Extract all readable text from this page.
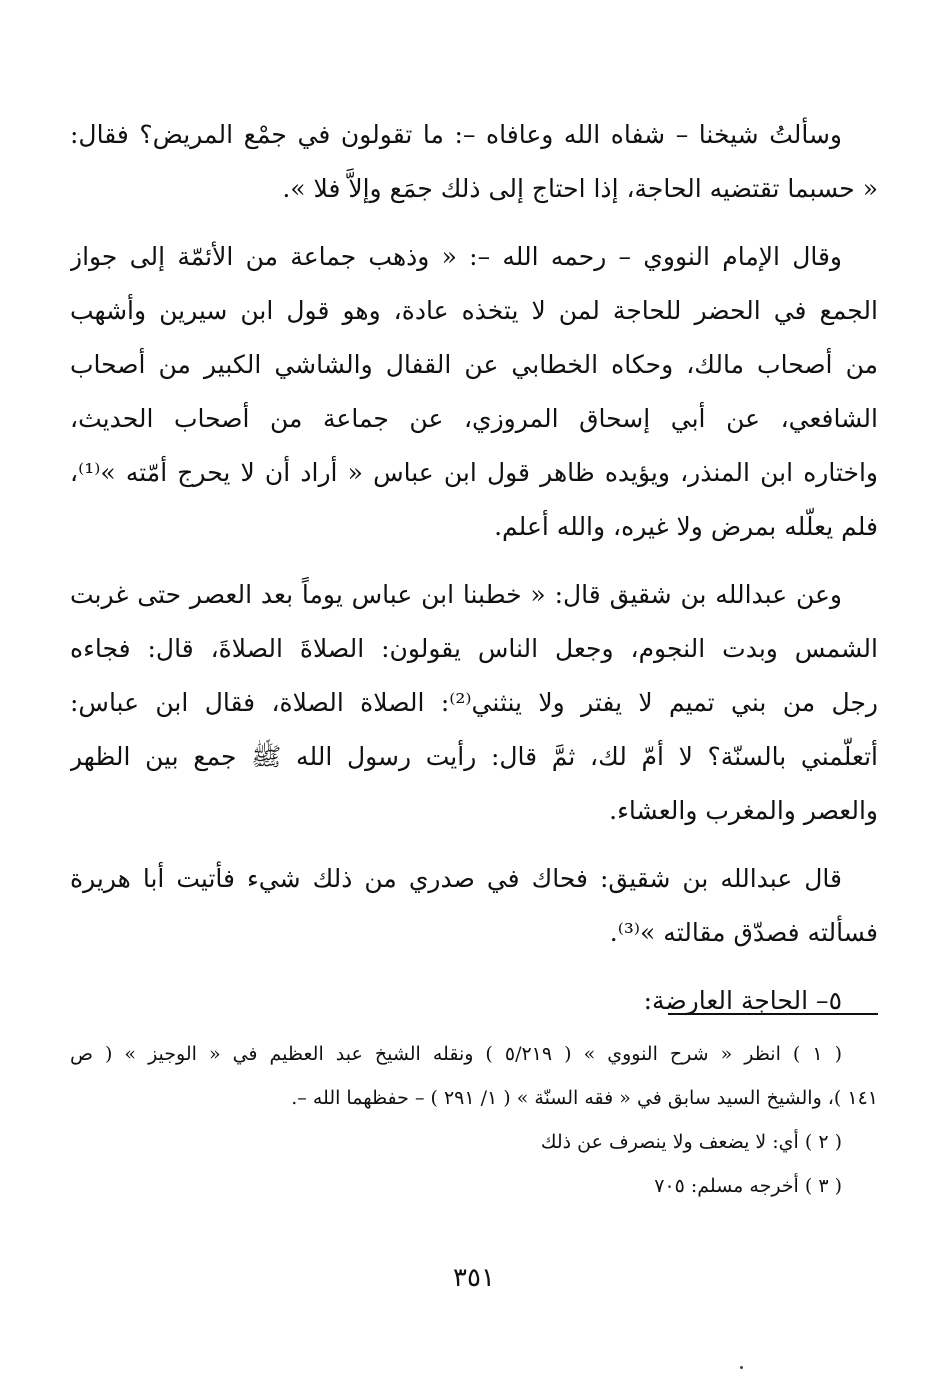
وسألتُ شيخنا – شفاه الله وعافاه –: ما تقولون في جمْع المريض؟ فقال:
« حسبما تقتضيه الحاجة، إذا احتاج إلى ذلك جمَع وإلاَّ فلا ».
وقال الإمام النووي – رحمه الله –: « وذهب جماعة من الأئمّة إلى جواز
الجمع في الحضر للحاجة لمن لا يتخذه عادة، وهو قول ابن سيرين وأشهب
من أصحاب مالك، وحكاه الخطابي عن القفال والشاشي الكبير من أصحاب
الشافعي، عن أبي إسحاق المروزي، عن جماعة من أصحاب الحديث،
واختاره ابن المنذر، ويؤيده ظاهر قول ابن عباس « أراد أن لا يحرج أمّته »⁽¹⁾،
فلم يعلّله بمرض ولا غيره، والله أعلم.
وعن عبدالله بن شقيق قال: « خطبنا ابن عباس يوماً بعد العصر حتى غربت
الشمس وبدت النجوم، وجعل الناس يقولون: الصلاةَ الصلاةَ، قال: فجاءه
رجل من بني تميم لا يفتر ولا ينثني⁽²⁾: الصلاة الصلاة، فقال ابن عباس:
أتعلّمني بالسنّة؟ لا أمّ لك، ثمَّ قال: رأيت رسول الله ﷺ جمع بين الظهر
والعصر والمغرب والعشاء.
قال عبدالله بن شقيق: فحاك في صدري من ذلك شيء فأتيت أبا هريرة
فسألته فصدّق مقالته »⁽³⁾.
٥– الحاجة العارضة:
( ١ ) انظر « شرح النووي » ( ٥/٢١٩ ) ونقله الشيخ عبد العظيم في « الوجيز » ( ص
١٤١ )، والشيخ السيد سابق في « فقه السنّة » ( ١/ ٢٩١ ) – حفظهما الله –.
( ٢ ) أي: لا يضعف ولا ينصرف عن ذلك
( ٣ ) أخرجه مسلم: ٧٠٥
٣٥١
